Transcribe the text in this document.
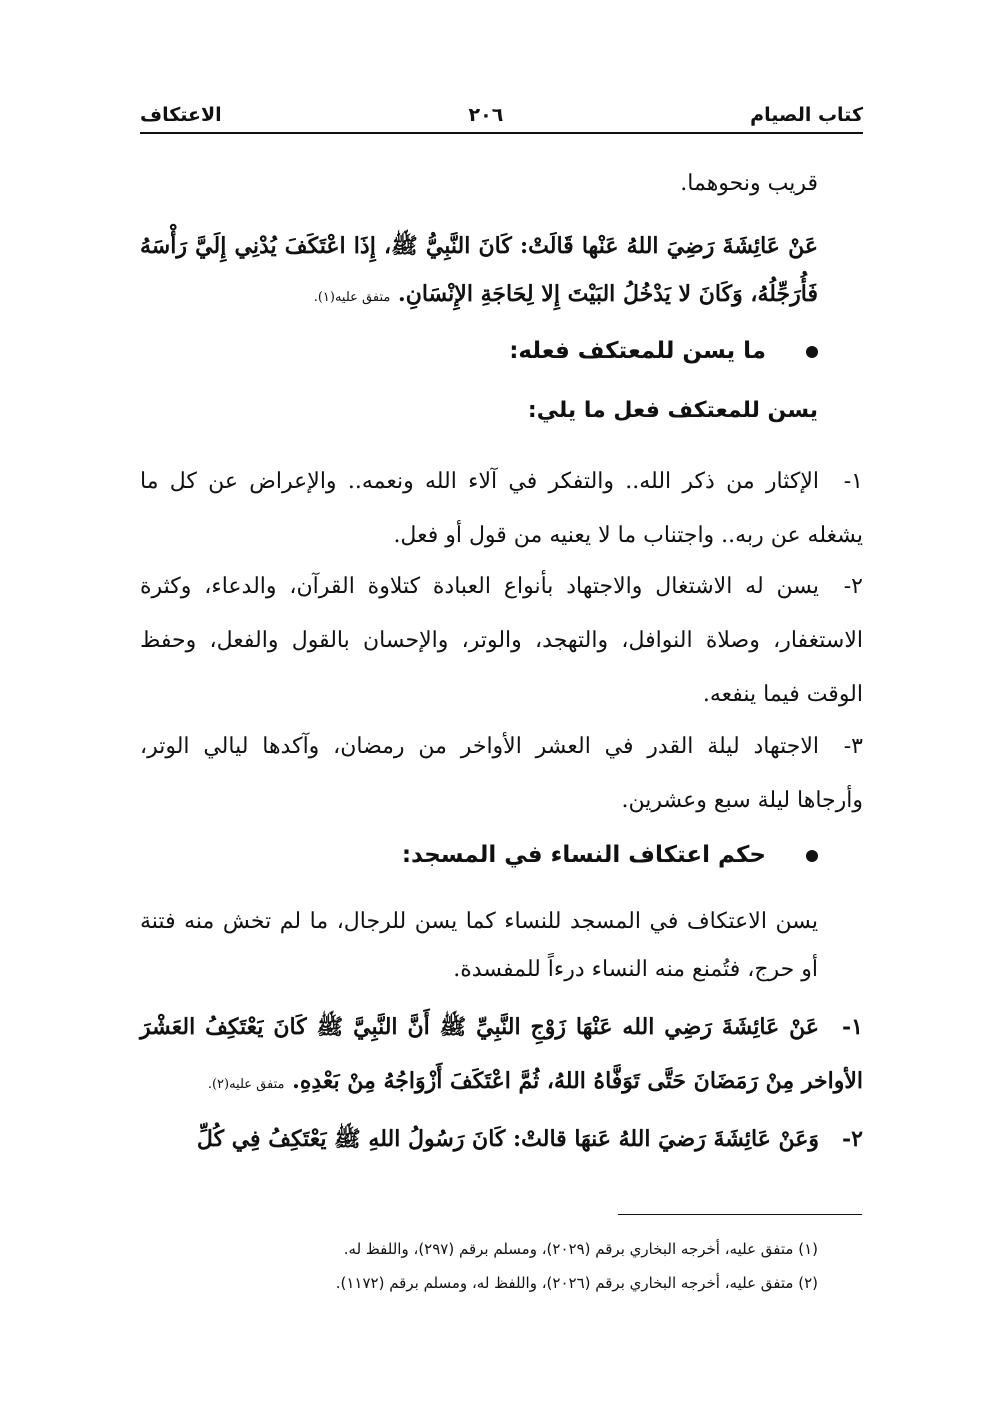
كتاب الصيام
٢٠٦
الاعتكاف

قريب ونحوهما.

عَنْ عَائِشَةَ رَضِيَ اللهُ عَنْها قَالَتْ: كَانَ النَّبِيُّ ﷺ، إِذَا اعْتَكَفَ يُدْنِي إِلَيَّ رَأْسَهُ فَأُرَجِّلُهُ، وَكَانَ لا يَدْخُلُ البَيْتَ إِلا لِحَاجَةِ الإِنْسَانِ. متفق عليه(١).

ما يسن للمعتكف فعله:

يسن للمعتكف فعل ما يلي:

١-الإكثار من ذكر الله.. والتفكر في آلاء الله ونعمه.. والإعراض عن كل ما يشغله عن ربه.. واجتناب ما لا يعنيه من قول أو فعل.

٢-يسن له الاشتغال والاجتهاد بأنواع العبادة كتلاوة القرآن، والدعاء، وكثرة الاستغفار، وصلاة النوافل، والتهجد، والوتر، والإحسان بالقول والفعل، وحفظ الوقت فيما ينفعه.

٣-الاجتهاد ليلة القدر في العشر الأواخر من رمضان، وآكدها ليالي الوتر، وأرجاها ليلة سبع وعشرين.

حكم اعتكاف النساء في المسجد:

يسن الاعتكاف في المسجد للنساء كما يسن للرجال، ما لم تخش منه فتنة أو حرج، فتُمنع منه النساء درءاً للمفسدة.

١-عَنْ عَائِشَةَ رَضِي الله عَنْهَا زَوْجِ النَّبِيِّ ﷺ أَنَّ النَّبِيَّ ﷺ كَانَ يَعْتَكِفُ العَشْرَ الأواخر مِنْ رَمَضَانَ حَتَّى تَوَفَّاهُ اللهُ، ثُمَّ اعْتَكَفَ أَزْوَاجُهُ مِنْ بَعْدِهِ. متفق عليه(٢).

٢-وَعَنْ عَائِشَةَ رَضيَ اللهُ عَنهَا قالتْ: كَانَ رَسُولُ اللهِ ﷺ يَعْتَكِفُ فِي كُلِّ

(١) متفق عليه، أخرجه البخاري برقم (٢٠٢٩)، ومسلم برقم (٢٩٧)، واللفظ له.

(٢) متفق عليه، أخرجه البخاري برقم (٢٠٢٦)، واللفظ له، ومسلم برقم (١١٧٢).
